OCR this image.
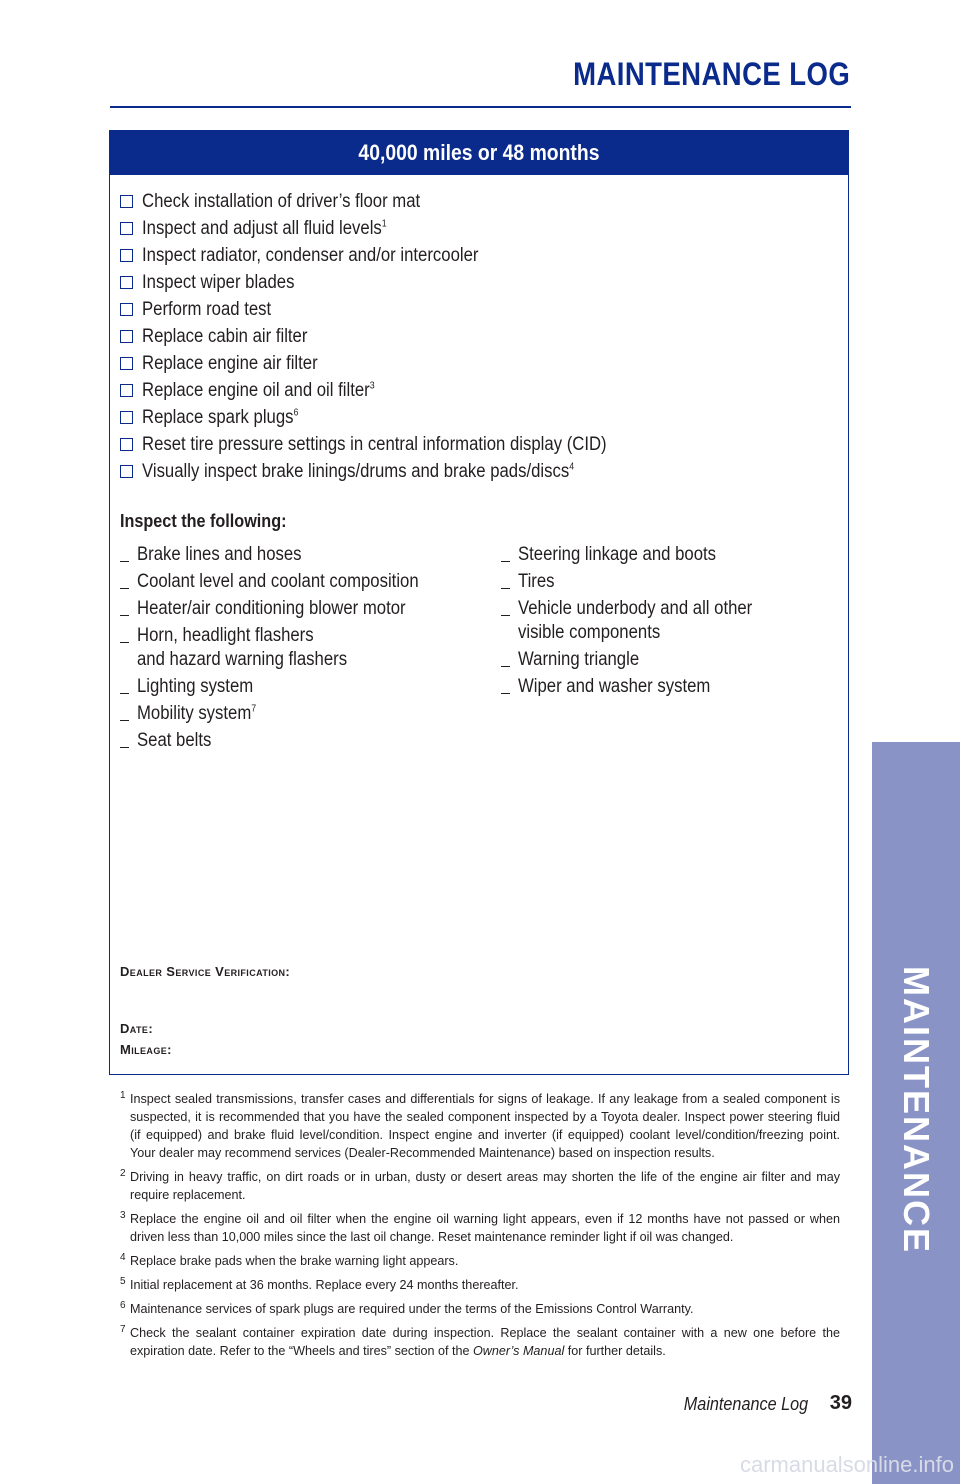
MAINTENANCE LOG
40,000 miles or 48 months
Check installation of driver’s floor mat
Inspect and adjust all fluid levels$^1$
Inspect radiator, condenser and/or intercooler
Inspect wiper blades
Perform road test
Replace cabin air filter
Replace engine air filter
Replace engine oil and oil filter$^3$
Replace spark plugs$^6$
Reset tire pressure settings in central information display (CID)
Visually inspect brake linings/drums and brake pads/discs$^4$
Inspect the following:
Brake lines and hoses
Coolant level and coolant composition
Heater/air conditioning blower motor
Horn, headlight flashers
and hazard warning flashers
Lighting system
Mobility system$^7$
Seat belts
Steering linkage and boots
Tires
Vehicle underbody and all other
visible components
Warning triangle
Wiper and washer system
Dealer Service Verification:
Date:
Mileage:
1 Inspect sealed transmissions, transfer cases and differentials for signs of leakage. If any leakage from a sealed component is suspected, it is recommended that you have the sealed component inspected by a Toyota dealer. Inspect power steering fluid (if equipped) and brake fluid level/condition. Inspect engine and inverter (if equipped) coolant level/condition/freezing point. Your dealer may recommend services (Dealer-Recommended Maintenance) based on inspection results.
2 Driving in heavy traffic, on dirt roads or in urban, dusty or desert areas may shorten the life of the engine air filter and may require replacement.
3 Replace the engine oil and oil filter when the engine oil warning light appears, even if 12 months have not passed or when driven less than 10,000 miles since the last oil change. Reset maintenance reminder light if oil was changed.
4 Replace brake pads when the brake warning light appears.
5 Initial replacement at 36 months. Replace every 24 months thereafter.
6 Maintenance services of spark plugs are required under the terms of the Emissions Control Warranty.
7 Check the sealant container expiration date during inspection. Replace the sealant container with a new one before the expiration date. Refer to the “Wheels and tires” section of the Owner’s Manual for further details.
Maintenance Log 39
MAINTENANCE
carmanualsonline.info
